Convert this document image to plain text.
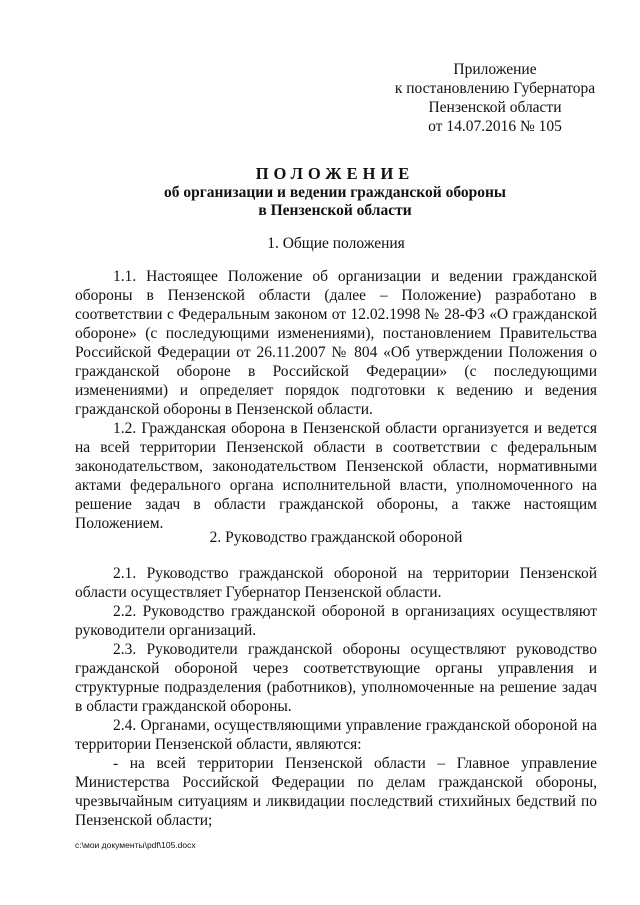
Приложение
к постановлению Губернатора
Пензенской области
от 14.07.2016 № 105
ПОЛОЖЕНИЕ
об организации и ведении гражданской обороны
в Пензенской области
1. Общие положения

1.1. Настоящее Положение об организации и ведении гражданской обороны в Пензенской области (далее – Положение) разработано в соответствии с Федеральным законом от 12.02.1998 № 28-ФЗ «О гражданской обороне» (с последующими изменениями), постановлением Правительства Российской Федерации от 26.11.2007 № 804 «Об утверждении Положения о гражданской обороне в Российской Федерации» (с последующими изменениями) и определяет порядок подготовки к ведению и ведения гражданской обороны в Пензенской области.

1.2. Гражданская оборона в Пензенской области организуется и ведется на всей территории Пензенской области в соответствии с федеральным законодательством, законодательством Пензенской области, нормативными актами федерального органа исполнительной власти, уполномоченного на решение задач в области гражданской обороны, а также настоящим Положением.

2. Руководство гражданской обороной

2.1. Руководство гражданской обороной на территории Пензенской области осуществляет Губернатор Пензенской области.

2.2. Руководство гражданской обороной в организациях осуществляют руководители организаций.

2.3. Руководители гражданской обороны осуществляют руководство гражданской обороной через соответствующие органы управления и структурные подразделения (работников), уполномоченные на решение задач в области гражданской обороны.

2.4. Органами, осуществляющими управление гражданской обороной на территории Пензенской области, являются:

- на всей территории Пензенской области – Главное управление Министерства Российской Федерации по делам гражданской обороны, чрезвычайным ситуациям и ликвидации последствий стихийных бедствий по Пензенской области;

c:\мои документы\pdf\105.docx
